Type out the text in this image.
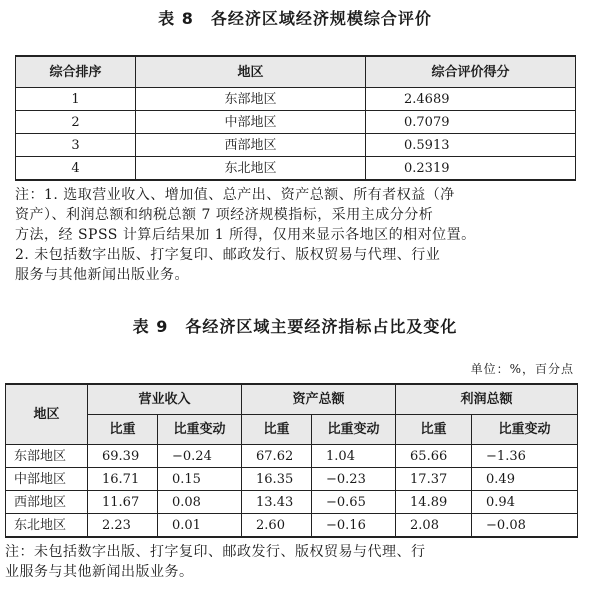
表 8　各经济区域经济规模综合评价
综合排序	地区	综合评价得分
1	东部地区	2.4689
2	中部地区	0.7079
3	西部地区	0.5913
4	东北地区	0.2319
注：1. 选取营业收入、增加值、总产出、资产总额、所有者权益（净
资产）、利润总额和纳税总额 7 项经济规模指标，采用主成分分析
方法，经 SPSS 计算后结果加 1 所得，仅用来显示各地区的相对位置。
2. 未包括数字出版、打字复印、邮政发行、版权贸易与代理、行业
服务与其他新闻出版业务。
表 9　各经济区域主要经济指标占比及变化
单位：%，百分点
地区	营业收入		资产总额		利润总额	
	比重	比重变动	比重	比重变动	比重	比重变动
东部地区	69.39	−0.24	67.62	1.04	65.66	−1.36
中部地区	16.71	0.15	16.35	−0.23	17.37	0.49
西部地区	11.67	0.08	13.43	−0.65	14.89	0.94
东北地区	2.23	0.01	2.60	−0.16	2.08	−0.08
注：未包括数字出版、打字复印、邮政发行、版权贸易与代理、行
业服务与其他新闻出版业务。
